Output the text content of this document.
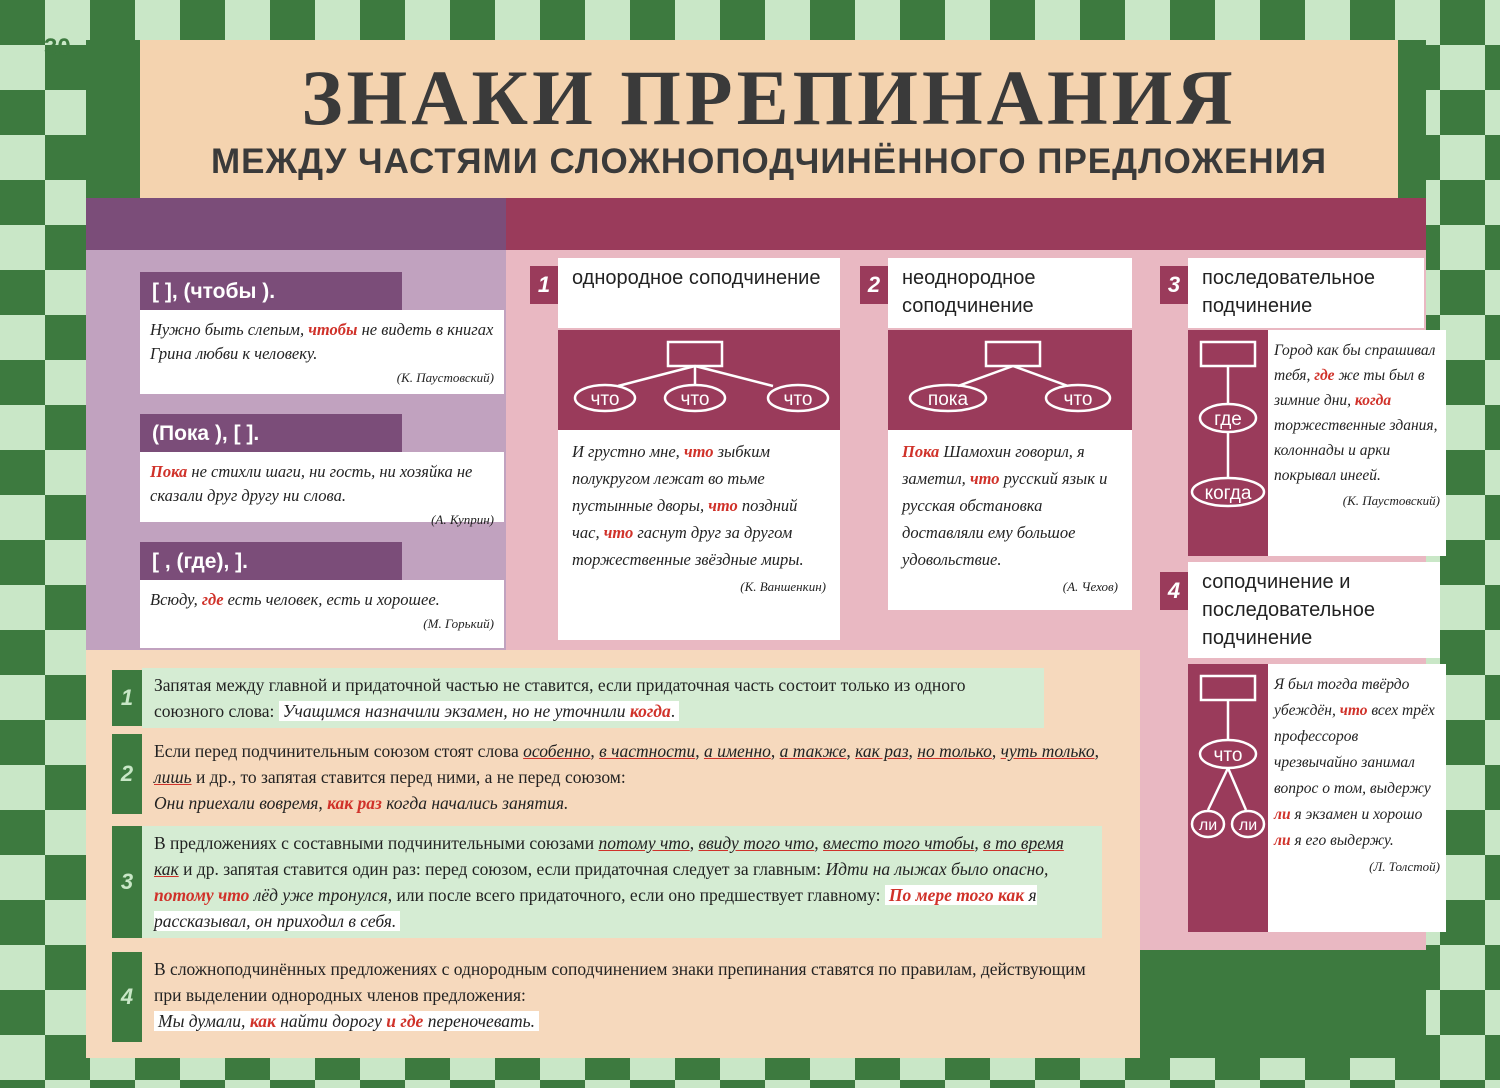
30
ЗНАКИ ПРЕПИНАНИЯ
МЕЖДУ ЧАСТЯМИ СЛОЖНОПОДЧИНЁННОГО ПРЕДЛОЖЕНИЯ
[ ], (чтобы ).
Нужно быть слепым, чтобы не видеть в книгах Грина любви к человеку.
(К. Паустовский)
(Пока ), [ ].
Пока не стихли шаги, ни гость, ни хозяйка не сказали друг другу ни слова.
(А. Куприн)
[ , (где), ].
Всюду, где есть человек, есть и хорошее.
(М. Горький)
1	однородное соподчинение
что	что	что
И грустно мне, что зыбким полукругом лежат во тьме пустынные дворы, что поздний час, что гаснут друг за другом торжественные звёздные миры.
(К. Ваншенкин)
2	неоднородное соподчинение
пока	что
Пока Шамохин говорил, я заметил, что русский язык и русская обстановка доставляли ему большое удовольствие.
(А. Чехов)
3	последовательное подчинение
где
когда
Город как бы спрашивал тебя, где же ты был в зимние дни, когда торжественные здания, колоннады и арки покрывал инеей.
(К. Паустовский)
4	соподчинение и последовательное подчинение
что
ли ли
Я был тогда твёрдо убеждён, что всех трёх профессоров чрезвычайно занимал вопрос о том, выдержу ли я экзамен и хорошо ли я его выдержу.
(Л. Толстой)
1	Запятая между главной и придаточной частью не ставится, если придаточная часть состоит только из одного союзного слова: Учащимся назначили экзамен, но не уточнили когда.
2
Если перед подчинительным союзом стоят слова особенно, в частности, а именно, а также, как раз, но только, чуть только, лишь и др., то запятая ставится перед ними, а не перед союзом:
Они приехали вовремя, как раз когда начались занятия.
3
В предложениях с составными подчинительными союзами потому что, ввиду того что, вместо того чтобы, в то время как и др. запятая ставится один раз: перед союзом, если придаточная следует за главным: Идти на лыжах было опасно, потому что лёд уже тронулся, или после всего придаточного, если оно предшествует главному: По мере того как я рассказывал, он приходил в себя.
4
В сложноподчинённых предложениях с однородным соподчинением знаки препинания ставятся по правилам, действующим при выделении однородных членов предложения:
Мы думали, как найти дорогу и где переночевать.
